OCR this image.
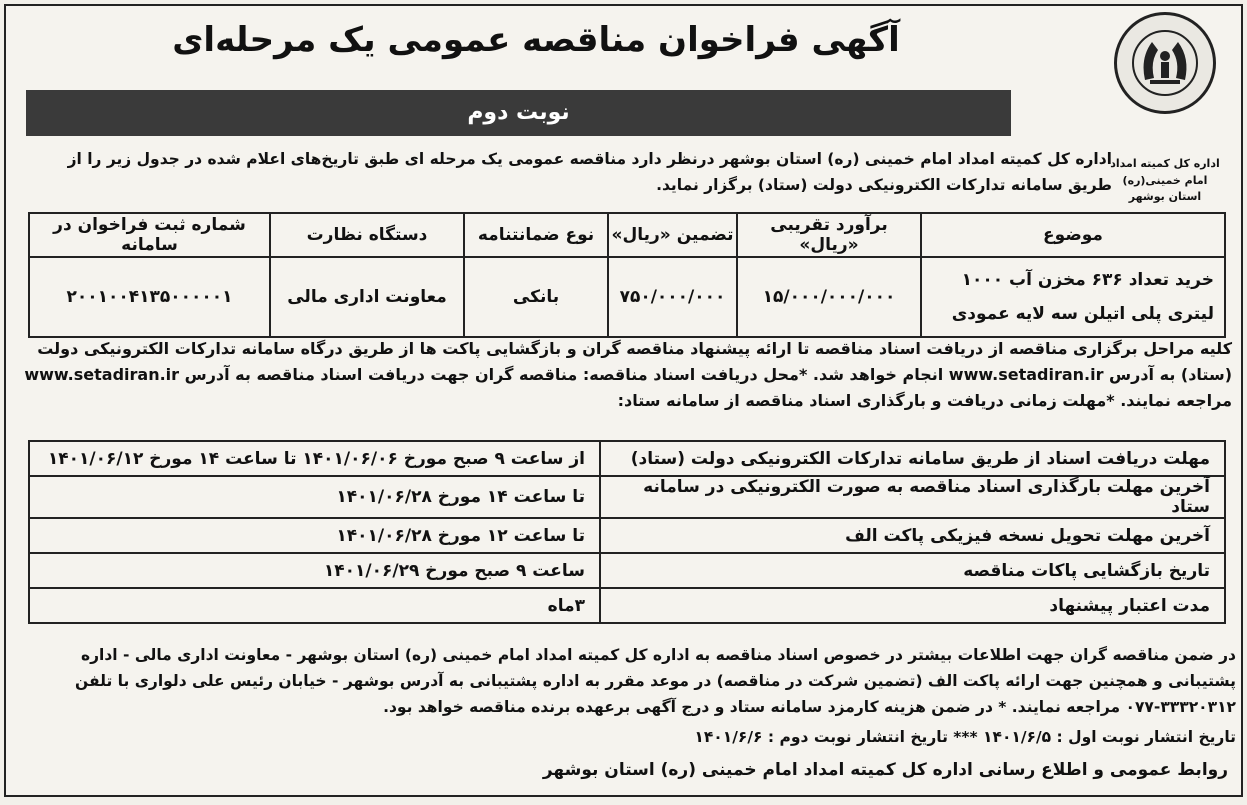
اداره کل کمیته امداد امام خمینی(ره)
استان بوشهر
آگهی فراخوان مناقصه عمومی یک مرحله‌ای
نوبت دوم
اداره کل کمیته امداد امام خمینی (ره) استان بوشهر درنظر دارد مناقصه عمومی یک مرحله ای طبق تاریخ‌های اعلام شده در جدول زیر را از طریق سامانه تدارکات الکترونیکی دولت (ستاد) برگزار نماید.
موضوع	برآورد تقریبی «ریال»	تضمین «ریال»	نوع ضمانتنامه	دستگاه نظارت	شماره ثبت فراخوان در سامانه
خرید تعداد ۶۳۶ مخزن آب ۱۰۰۰ لیتری پلی اتیلن سه لایه عمودی	۱۵/۰۰۰/۰۰۰/۰۰۰	۷۵۰/۰۰۰/۰۰۰	بانکی	معاونت اداری مالی	۲۰۰۱۰۰۴۱۳۵۰۰۰۰۰۱
کلیه مراحل برگزاری مناقصه از دریافت اسناد مناقصه تا ارائه پیشنهاد مناقصه گران و بازگشایی پاکت ها از طریق درگاه سامانه تدارکات الکترونیکی دولت (ستاد) به آدرس www.setadiran.ir انجام خواهد شد. *محل دریافت اسناد مناقصه: مناقصه گران جهت دریافت اسناد مناقصه به آدرس www.setadiran.ir مراجعه نمایند. *مهلت زمانی دریافت و بارگذاری اسناد مناقصه از سامانه ستاد:
مهلت دریافت اسناد از طریق سامانه تدارکات الکترونیکی دولت (ستاد)	از ساعت ۹ صبح مورخ ۱۴۰۱/۰۶/۰۶ تا ساعت ۱۴ مورخ ۱۴۰۱/۰۶/۱۲
آخرین مهلت بارگذاری اسناد مناقصه به صورت الکترونیکی در سامانه ستاد	تا ساعت ۱۴ مورخ ۱۴۰۱/۰۶/۲۸
آخرین مهلت تحویل نسخه فیزیکی پاکت الف	تا ساعت ۱۲ مورخ ۱۴۰۱/۰۶/۲۸
تاریخ بازگشایی پاکات مناقصه	ساعت ۹ صبح مورخ ۱۴۰۱/۰۶/۲۹
مدت اعتبار پیشنهاد	۳ماه
در ضمن مناقصه گران جهت اطلاعات بیشتر در خصوص اسناد مناقصه به اداره کل کمیته امداد امام خمینی (ره) استان بوشهر - معاونت اداری مالی - اداره پشتیبانی و همچنین جهت ارائه پاکت الف (تضمین شرکت در مناقصه) در موعد مقرر به اداره پشتیبانی به آدرس بوشهر - خیابان رئیس علی دلواری با تلفن ۳۳۳۲۰۳۱۲-۰۷۷ مراجعه نمایند. * در ضمن هزینه کارمزد سامانه ستاد و درج آگهی برعهده برنده مناقصه خواهد بود.
تاریخ انتشار نوبت اول : ۱۴۰۱/۶/۵ *** تاریخ انتشار نوبت دوم : ۱۴۰۱/۶/۶
روابط عمومی و اطلاع رسانی اداره کل کمیته امداد امام خمینی (ره) استان بوشهر
